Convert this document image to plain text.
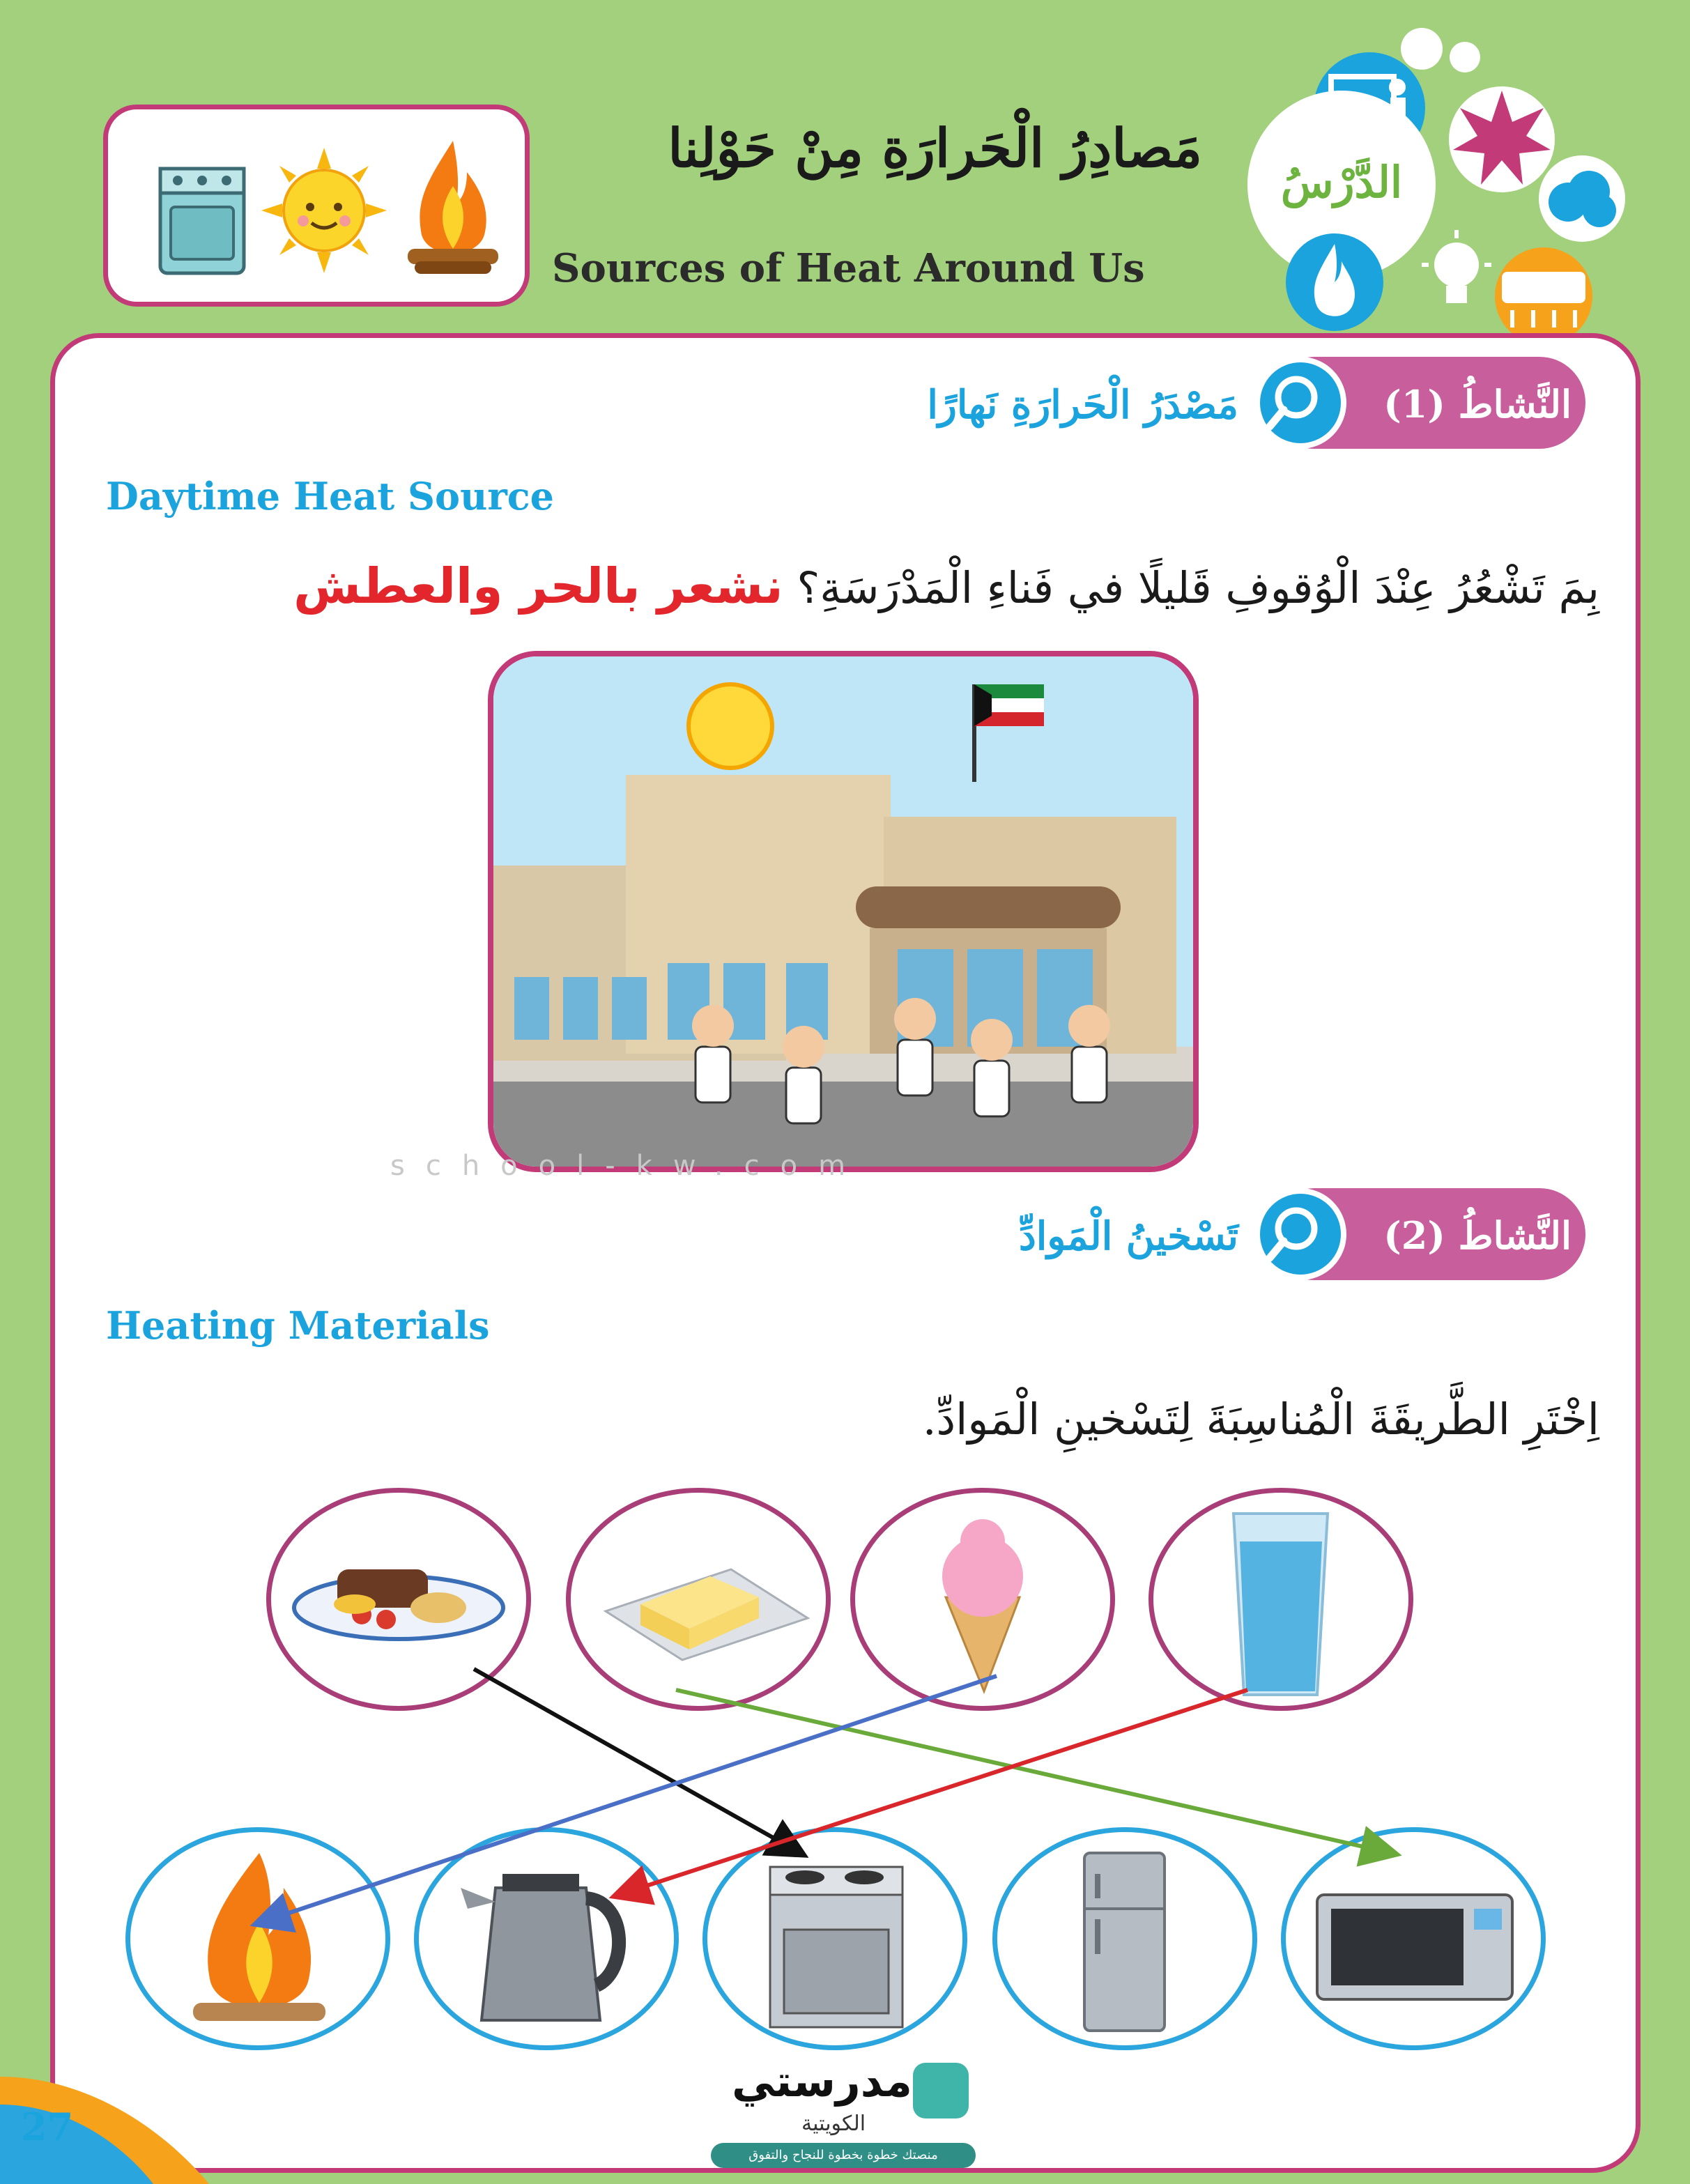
مَصادِرُ الْحَرارَةِ مِنْ حَوْلِنا
Sources of Heat Around Us
الدَّرْسُ
النَّشاطُ (1)
مَصْدَرُ الْحَرارَةِ نَهارًا
Daytime Heat Source
بِمَ تَشْعُرُ عِنْدَ الْوُقوفِ قَليلًا في فَناءِ الْمَدْرَسَةِ؟ نشعر بالحر والعطش
school-kw.com
النَّشاطُ (2)
تَسْخينُ الْمَوادِّ
Heating Materials
اِخْتَرِ الطَّريقَةَ الْمُناسِبَةَ لِتَسْخينِ الْمَوادِّ.
27
مدرستي
الكويتية
منصتك خطوة بخطوة للنجاح والتفوق
